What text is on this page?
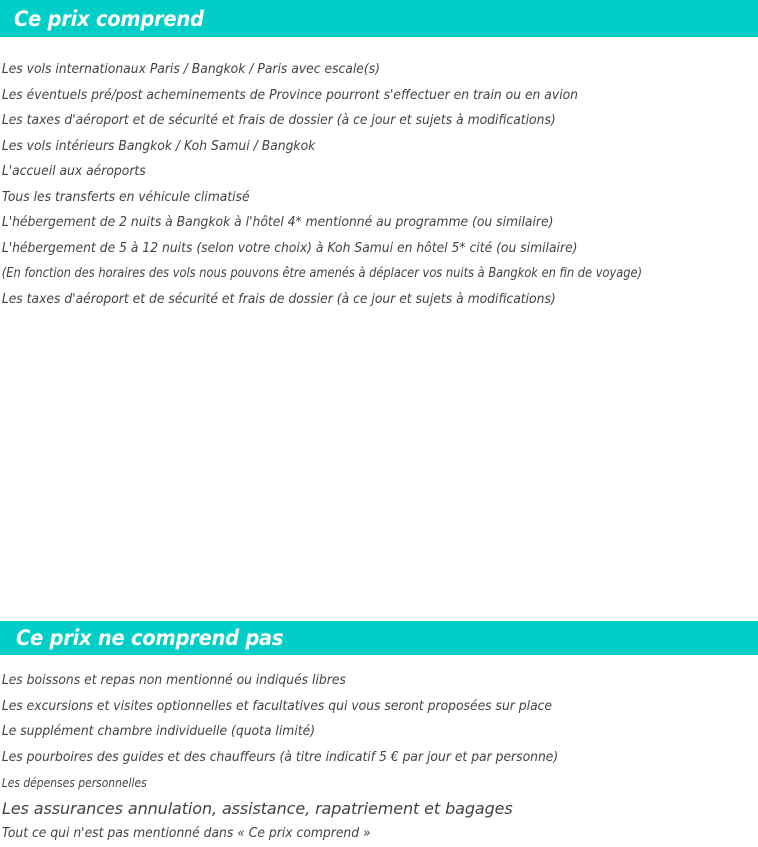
Ce prix comprend
Les vols internationaux Paris / Bangkok / Paris avec escale(s)
Les éventuels pré/post acheminements de Province pourront s'effectuer en train ou en avion
Les taxes d'aéroport et de sécurité et frais de dossier (à ce jour et sujets à modifications)
Les vols intérieurs Bangkok / Koh Samui / Bangkok
L'accueil aux aéroports
Tous les transferts en véhicule climatisé
L'hébergement de 2 nuits à Bangkok à l'hôtel 4* mentionné au programme (ou similaire)
L'hébergement de 5 à 12 nuits (selon votre choix) à Koh Samui en hôtel 5* cité (ou similaire)
(En fonction des horaires des vols nous pouvons être amenés à déplacer vos nuits à Bangkok en fin de voyage)
Les taxes d'aéroport et de sécurité et frais de dossier (à ce jour et sujets à modifications)
Ce prix ne comprend pas
Ce prix ne comprend pas
Les boissons et repas non mentionné ou indiqués libres
Les excursions et visites optionnelles et facultatives qui vous seront proposées sur place
Le supplément chambre individuelle (quota limité)
Les pourboires des guides et des chauffeurs (à titre indicatif 5 € par jour et par personne)
Les dépenses personnelles
Les assurances annulation, assistance, rapatriement et bagages
Tout ce qui n'est pas mentionné dans « Ce prix comprend »
